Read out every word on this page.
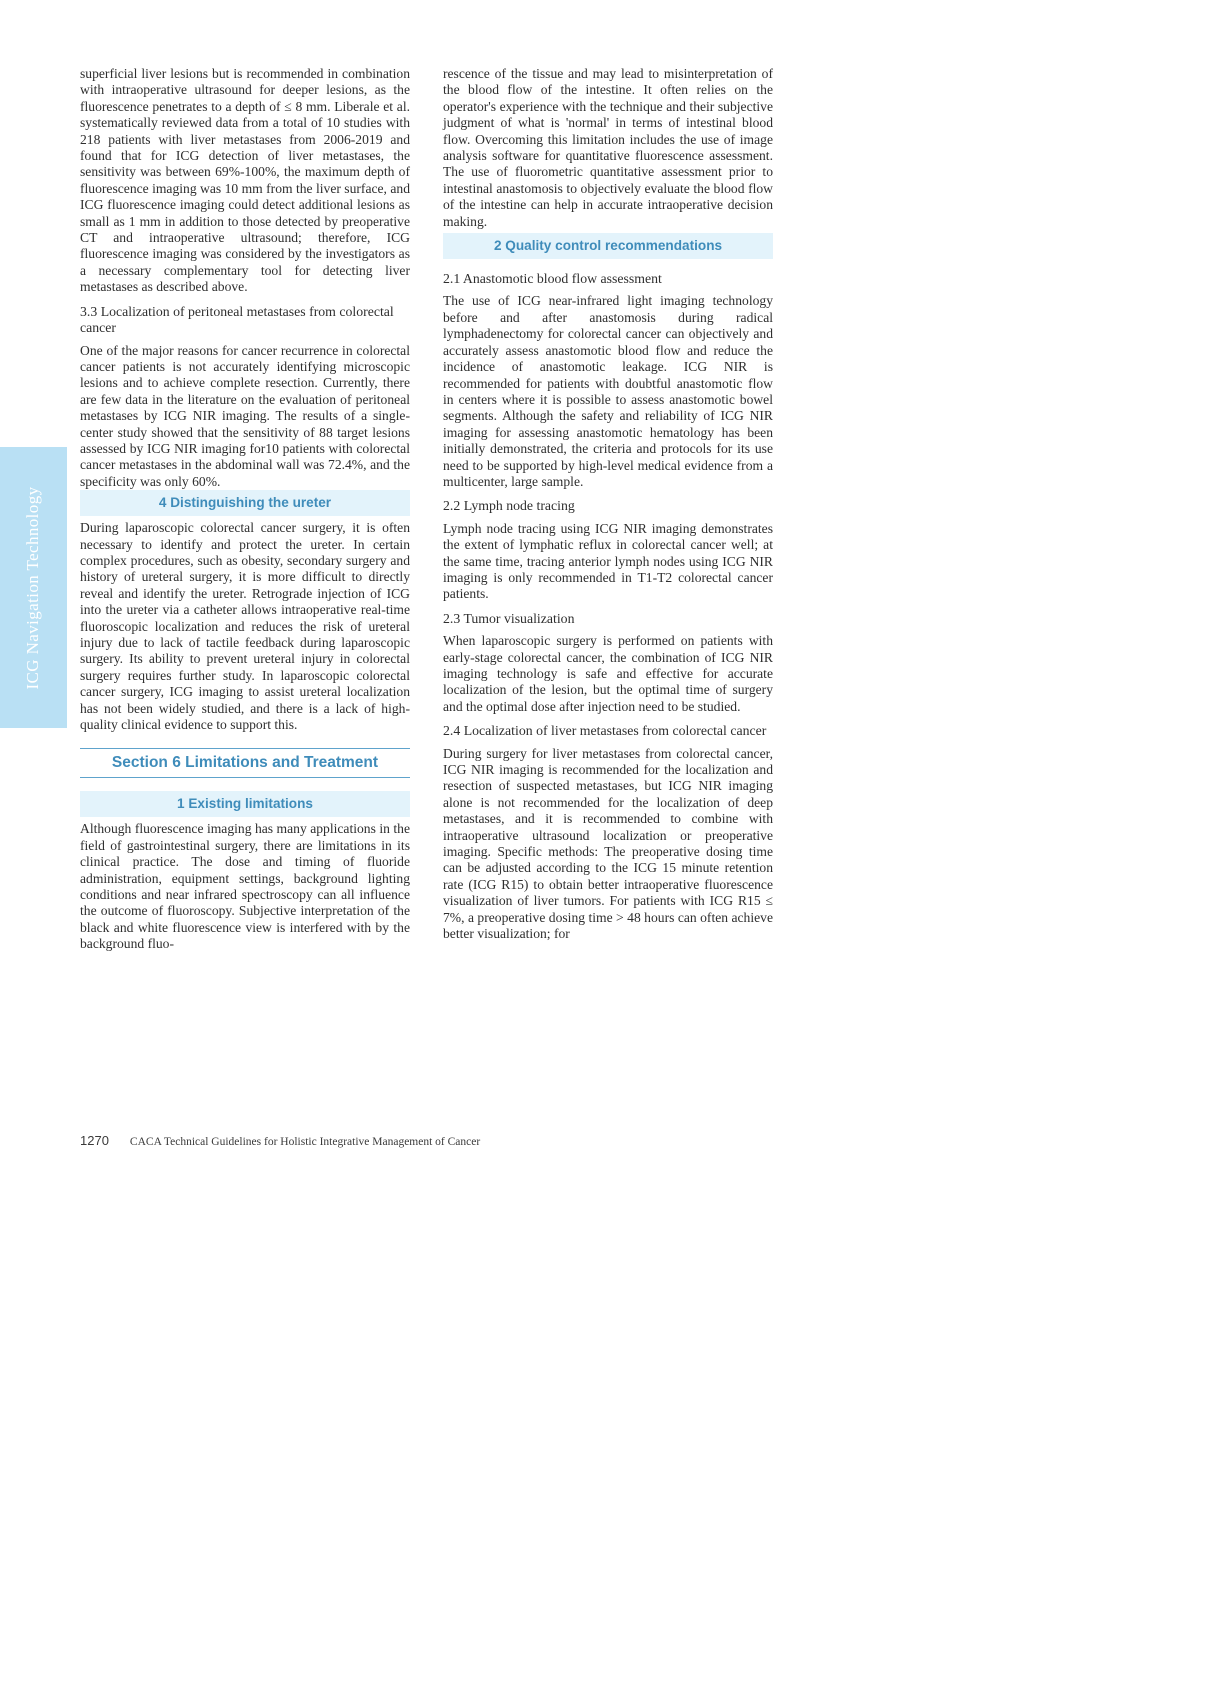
ICG Navigation Technology

superficial liver lesions but is recommended in combination with intraoperative ultrasound for deeper lesions, as the fluorescence penetrates to a depth of ≤ 8 mm. Liberale et al. systematically reviewed data from a total of 10 studies with 218 patients with liver metastases from 2006-2019 and found that for ICG detection of liver metastases, the sensitivity was between 69%-100%, the maximum depth of fluorescence imaging was 10 mm from the liver surface, and ICG fluorescence imaging could detect additional lesions as small as 1 mm in addition to those detected by preoperative CT and intraoperative ultrasound; therefore, ICG fluorescence imaging was considered by the investigators as a necessary complementary tool for detecting liver metastases as described above.

3.3 Localization of peritoneal metastases from colorectal cancer

One of the major reasons for cancer recurrence in colorectal cancer patients is not accurately identifying microscopic lesions and to achieve complete resection. Currently, there are few data in the literature on the evaluation of peritoneal metastases by ICG NIR imaging. The results of a single-center study showed that the sensitivity of 88 target lesions assessed by ICG NIR imaging for10 patients with colorectal cancer metastases in the abdominal wall was 72.4%, and the specificity was only 60%.

4 Distinguishing the ureter

During laparoscopic colorectal cancer surgery, it is often necessary to identify and protect the ureter. In certain complex procedures, such as obesity, secondary surgery and history of ureteral surgery, it is more difficult to directly reveal and identify the ureter. Retrograde injection of ICG into the ureter via a catheter allows intraoperative real-time fluoroscopic localization and reduces the risk of ureteral injury due to lack of tactile feedback during laparoscopic surgery. Its ability to prevent ureteral injury in colorectal surgery requires further study. In laparoscopic colorectal cancer surgery, ICG imaging to assist ureteral localization has not been widely studied, and there is a lack of high-quality clinical evidence to support this.

Section 6 Limitations and Treatment
1 Existing limitations

Although fluorescence imaging has many applications in the field of gastrointestinal surgery, there are limitations in its clinical practice. The dose and timing of fluoride administration, equipment settings, background lighting conditions and near infrared spectroscopy can all influence the outcome of fluoroscopy. Subjective interpretation of the black and white fluorescence view is interfered with by the background fluo-

rescence of the tissue and may lead to misinterpretation of the blood flow of the intestine. It often relies on the operator's experience with the technique and their subjective judgment of what is 'normal' in terms of intestinal blood flow. Overcoming this limitation includes the use of image analysis software for quantitative fluorescence assessment. The use of fluorometric quantitative assessment prior to intestinal anastomosis to objectively evaluate the blood flow of the intestine can help in accurate intraoperative decision making.

2 Quality control recommendations

2.1 Anastomotic blood flow assessment

The use of ICG near-infrared light imaging technology before and after anastomosis during radical lymphadenectomy for colorectal cancer can objectively and accurately assess anastomotic blood flow and reduce the incidence of anastomotic leakage. ICG NIR is recommended for patients with doubtful anastomotic flow in centers where it is possible to assess anastomotic bowel segments. Although the safety and reliability of ICG NIR imaging for assessing anastomotic hematology has been initially demonstrated, the criteria and protocols for its use need to be supported by high-level medical evidence from a multicenter, large sample.

2.2 Lymph node tracing

Lymph node tracing using ICG NIR imaging demonstrates the extent of lymphatic reflux in colorectal cancer well; at the same time, tracing anterior lymph nodes using ICG NIR imaging is only recommended in T1-T2 colorectal cancer patients.

2.3 Tumor visualization

When laparoscopic surgery is performed on patients with early-stage colorectal cancer, the combination of ICG NIR imaging technology is safe and effective for accurate localization of the lesion, but the optimal time of surgery and the optimal dose after injection need to be studied.

2.4 Localization of liver metastases from colorectal cancer

During surgery for liver metastases from colorectal cancer, ICG NIR imaging is recommended for the localization and resection of suspected metastases, but ICG NIR imaging alone is not recommended for the localization of deep metastases, and it is recommended to combine with intraoperative ultrasound localization or preoperative imaging. Specific methods: The preoperative dosing time can be adjusted according to the ICG 15 minute retention rate (ICG R15) to obtain better intraoperative fluorescence visualization of liver tumors. For patients with ICG R15 ≤ 7%, a preoperative dosing time > 48 hours can often achieve better visualization; for

1270 CACA Technical Guidelines for Holistic Integrative Management of Cancer
